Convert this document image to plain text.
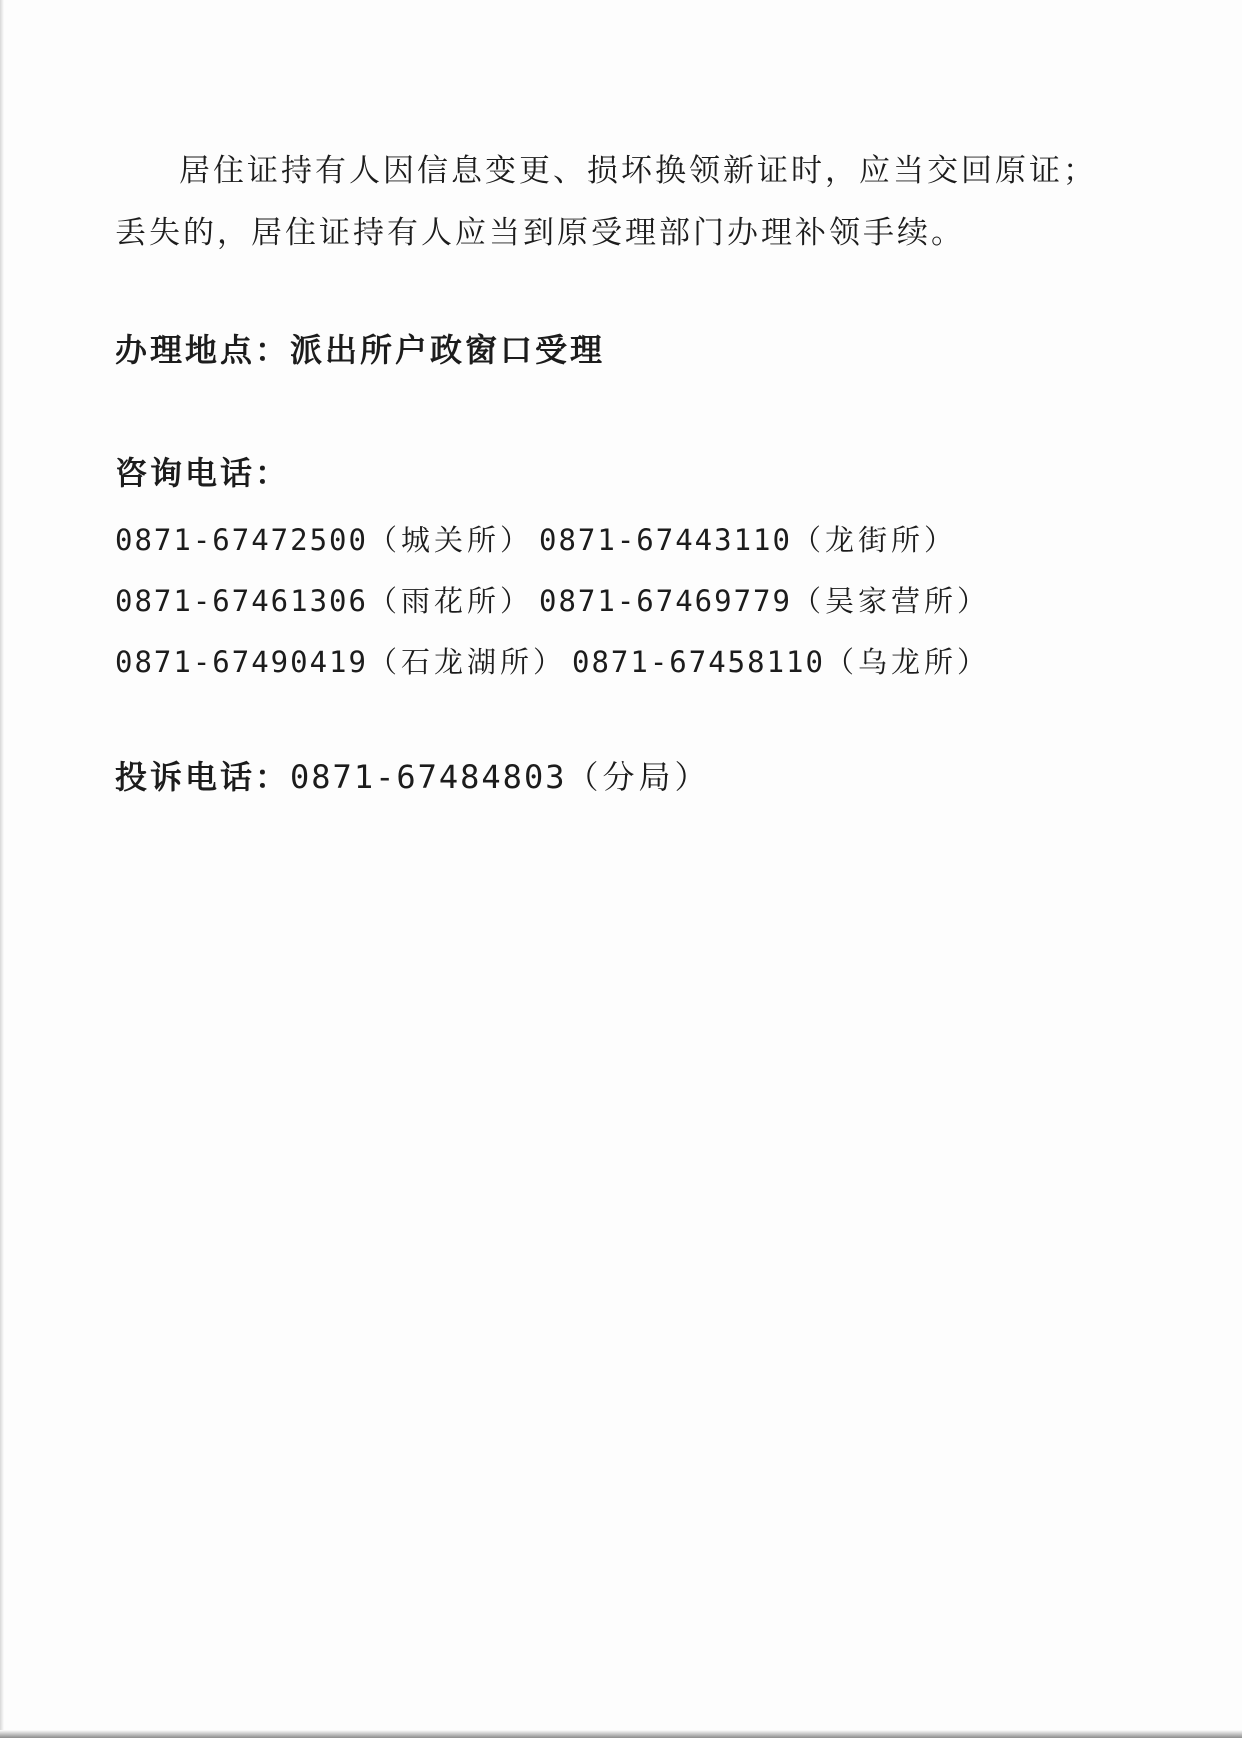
居住证持有人因信息变更、损坏换领新证时，应当交回原证；丢失的，居住证持有人应当到原受理部门办理补领手续。

办理地点：派出所户政窗口受理

咨询电话：

0871-67472500（城关所） 0871-67443110（龙街所）
0871-67461306（雨花所） 0871-67469779（吴家营所）
0871-67490419（石龙湖所） 0871-67458110（乌龙所）

投诉电话：0871-67484803（分局）
